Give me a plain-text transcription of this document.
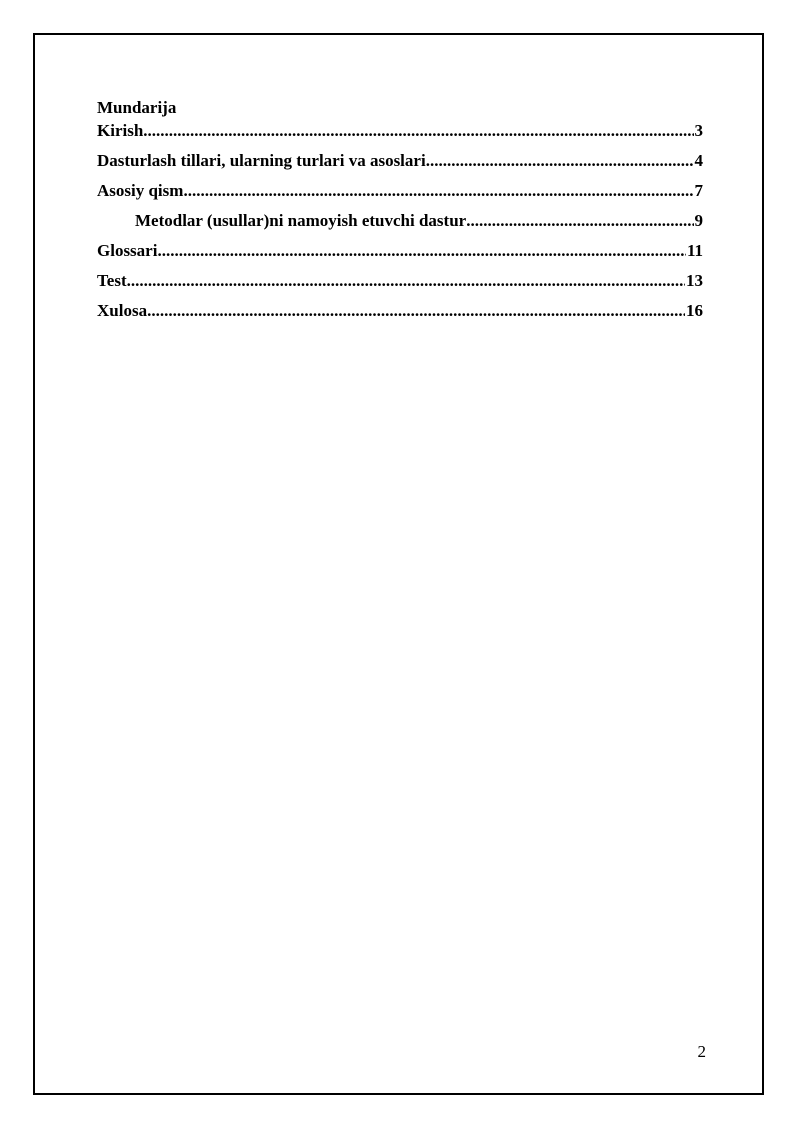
Mundarija
Kirish .....	3
Dasturlash tillari, ularning turlari va asoslari .....	4
Asosiy qism .....	7
Metodlar (usullar)ni namoyish etuvchi dastur .....	9
Glossari .....	11
Test .....	13
Xulosa .....	16
2
